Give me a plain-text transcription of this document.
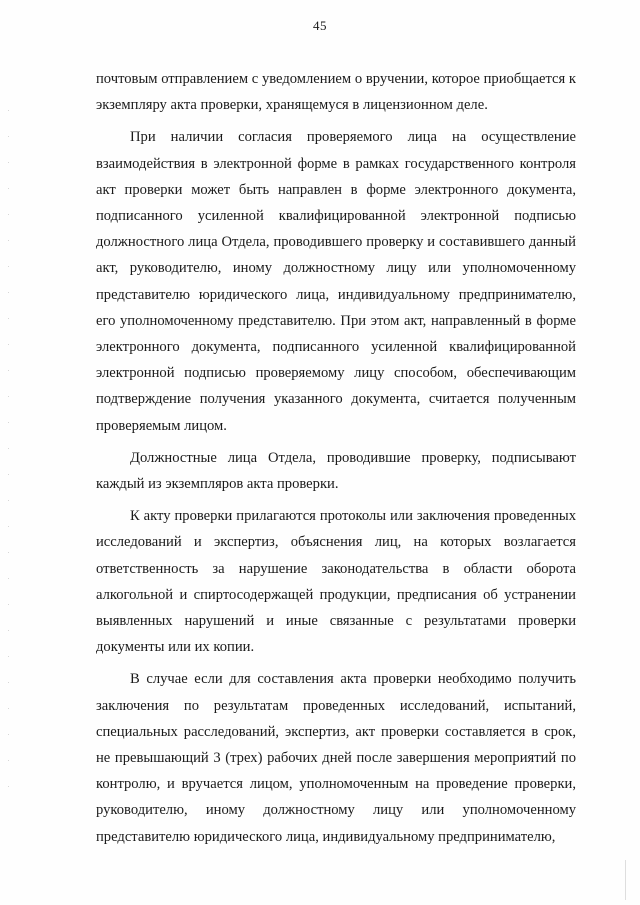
45

почтовым отправлением с уведомлением о вручении, которое приобщается к экземпляру акта проверки, хранящемуся в лицензионном деле.

При наличии согласия проверяемого лица на осуществление взаимодействия в электронной форме в рамках государственного контроля акт проверки может быть направлен в форме электронного документа, подписанного усиленной квалифицированной электронной подписью должностного лица Отдела, проводившего проверку и составившего данный акт, руководителю, иному должностному лицу или уполномоченному представителю юридического лица, индивидуальному предпринимателю, его уполномоченному представителю. При этом акт, направленный в форме электронного документа, подписанного усиленной квалифицированной электронной подписью проверяемому лицу способом, обеспечивающим подтверждение получения указанного документа, считается полученным проверяемым лицом.

Должностные лица Отдела, проводившие проверку, подписывают каждый из экземпляров акта проверки.

К акту проверки прилагаются протоколы или заключения проведенных исследований и экспертиз, объяснения лиц, на которых возлагается ответственность за нарушение законодательства в области оборота алкогольной и спиртосодержащей продукции, предписания об устранении выявленных нарушений и иные связанные с результатами проверки документы или их копии.

В случае если для составления акта проверки необходимо получить заключения по результатам проведенных исследований, испытаний, специальных расследований, экспертиз, акт проверки составляется в срок, не превышающий 3 (трех) рабочих дней после завершения мероприятий по контролю, и вручается лицом, уполномоченным на проведение проверки, руководителю, иному должностному лицу или уполномоченному представителю юридического лица, индивидуальному предпринимателю,
